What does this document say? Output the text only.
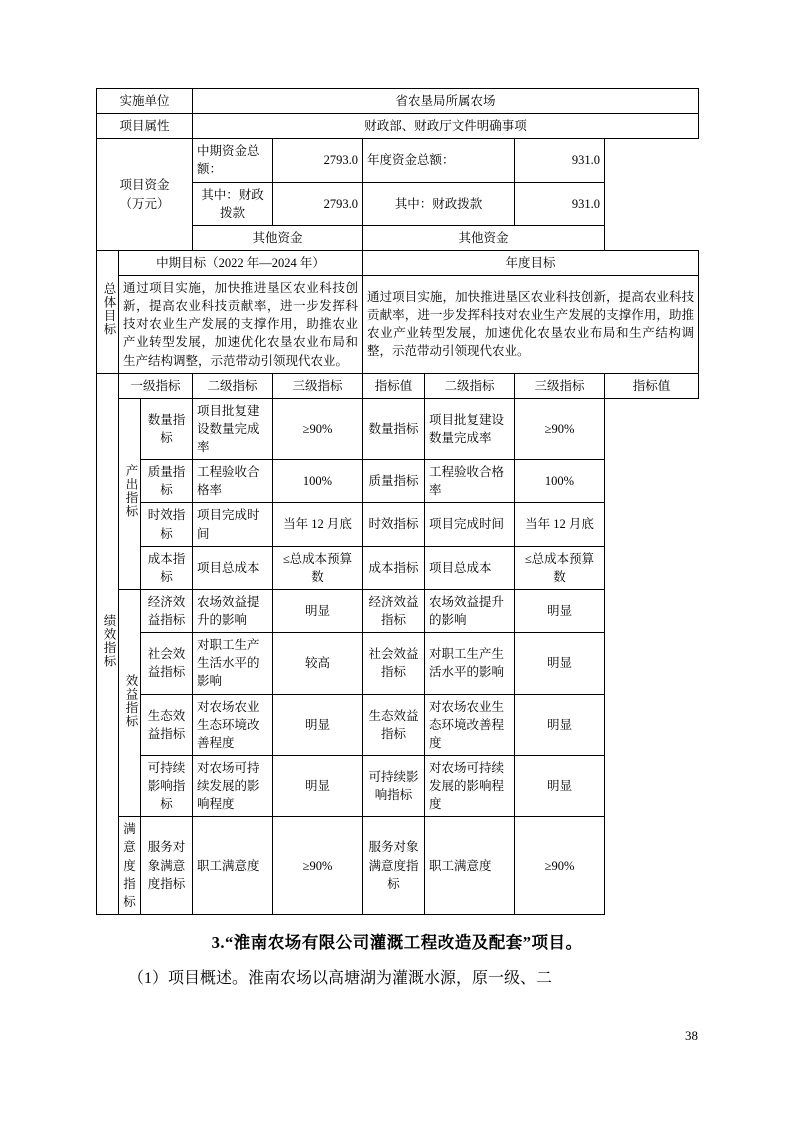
实施单位			省农垦局所属农场					
项目属性			财政部、财政厅文件明确事项					

项目资金
（万元）			中期资金总额：	2793.0	年度资金总额：		931.0	
			其中：财政拨款	2793.0	其中：财政拨款		931.0	
			其他资金		其他资金			
总体目标	中期目标（2022 年—2024 年）				年度目标			
	通过项目实施，加快推进垦区农业科技创新，提高农业科技贡献率，进一步发挥科技对农业生产发展的支撑作用，助推农业产业转型发展，加速优化农垦农业布局和生产结构调整，示范带动引领现代农业。				通过项目实施，加快推进垦区农业科技创新，提高农业科技贡献率，进一步发挥科技对农业生产发展的支撑作用，助推农业产业转型发展，加速优化农垦农业布局和生产结构调整，示范带动引领现代农业。			
绩效指标	一级指标		二级指标	三级指标	指标值	二级指标	三级指标	指标值
	产出指标	数量指标	项目批复建设数量完成率	≥90%	数量指标	项目批复建设数量完成率	≥90%	
		质量指标	工程验收合格率	100%	质量指标	工程验收合格率	100%	
		时效指标	项目完成时间	当年 12 月底	时效指标	项目完成时间	当年 12 月底	
		成本指标	项目总成本	≤总成本预算数	成本指标	项目总成本	≤总成本预算数	
	效益指标	经济效益指标	农场效益提升的影响	明显	经济效益指标	农场效益提升的影响	明显	
		社会效益指标	对职工生产生活水平的影响	较高	社会效益指标	对职工生产生活水平的影响	明显	
		生态效益指标	对农场农业生态环境改善程度	明显	生态效益指标	对农场农业生态环境改善程度	明显	
		可持续影响指标	对农场可持续发展的影响程度	明显	可持续影响指标	对农场可持续发展的影响程度	明显	
	满意度指标	服务对象满意度指标	职工满意度	≥90%	服务对象满意度指标	职工满意度	≥90%	
3.“淮南农场有限公司灌溉工程改造及配套”项目。
（1）项目概述。淮南农场以高塘湖为灌溉水源，原一级、二
38
